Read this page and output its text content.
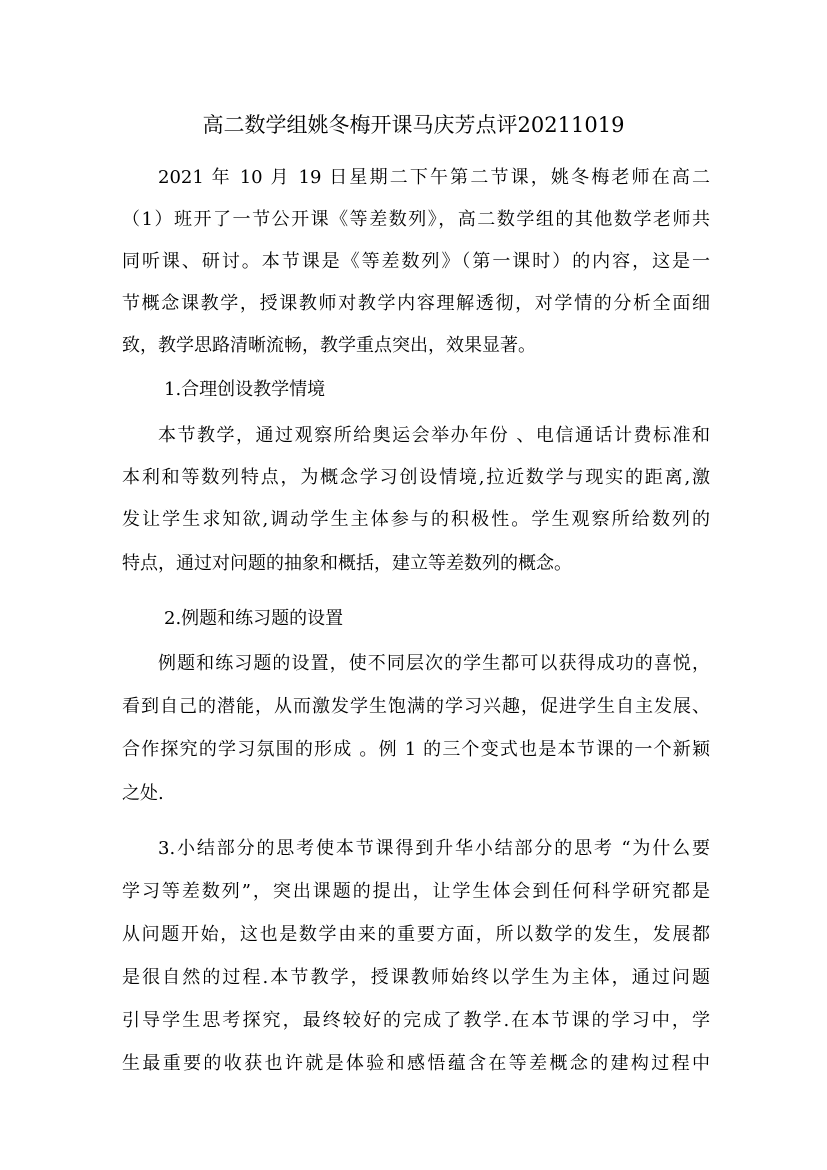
高二数学组姚冬梅开课马庆芳点评20211019
2021 年 10 月 19 日星期二下午第二节课，姚冬梅老师在高二
（1）班开了一节公开课《等差数列》，高二数学组的其他数学老师共
同听课、研讨。本节课是《等差数列》（第一课时）的内容，这是一
节概念课教学，授课教师对教学内容理解透彻，对学情的分析全面细
致，教学思路清晰流畅，教学重点突出，效果显著。
1.合理创设教学情境
本节教学，通过观察所给奥运会举办年份 、电信通话计费标准和
本利和等数列特点，为概念学习创设情境,拉近数学与现实的距离,激
发让学生求知欲,调动学生主体参与的积极性。学生观察所给数列的
特点，通过对问题的抽象和概括，建立等差数列的概念。
2.例题和练习题的设置
例题和练习题的设置，使不同层次的学生都可以获得成功的喜悦，
看到自己的潜能，从而激发学生饱满的学习兴趣，促进学生自主发展、
合作探究的学习氛围的形成 。例 1 的三个变式也是本节课的一个新颖
之处.
3.小结部分的思考使本节课得到升华小结部分的思考 “为什么要
学习等差数列”，突出课题的提出，让学生体会到任何科学研究都是
从问题开始，这也是数学由来的重要方面，所以数学的发生，发展都
是很自然的过程.本节教学，授课教师始终以学生为主体，通过问题
引导学生思考探究，最终较好的完成了教学.在本节课的学习中，学
生最重要的收获也许就是体验和感悟蕴含在等差概念的建构过程中
